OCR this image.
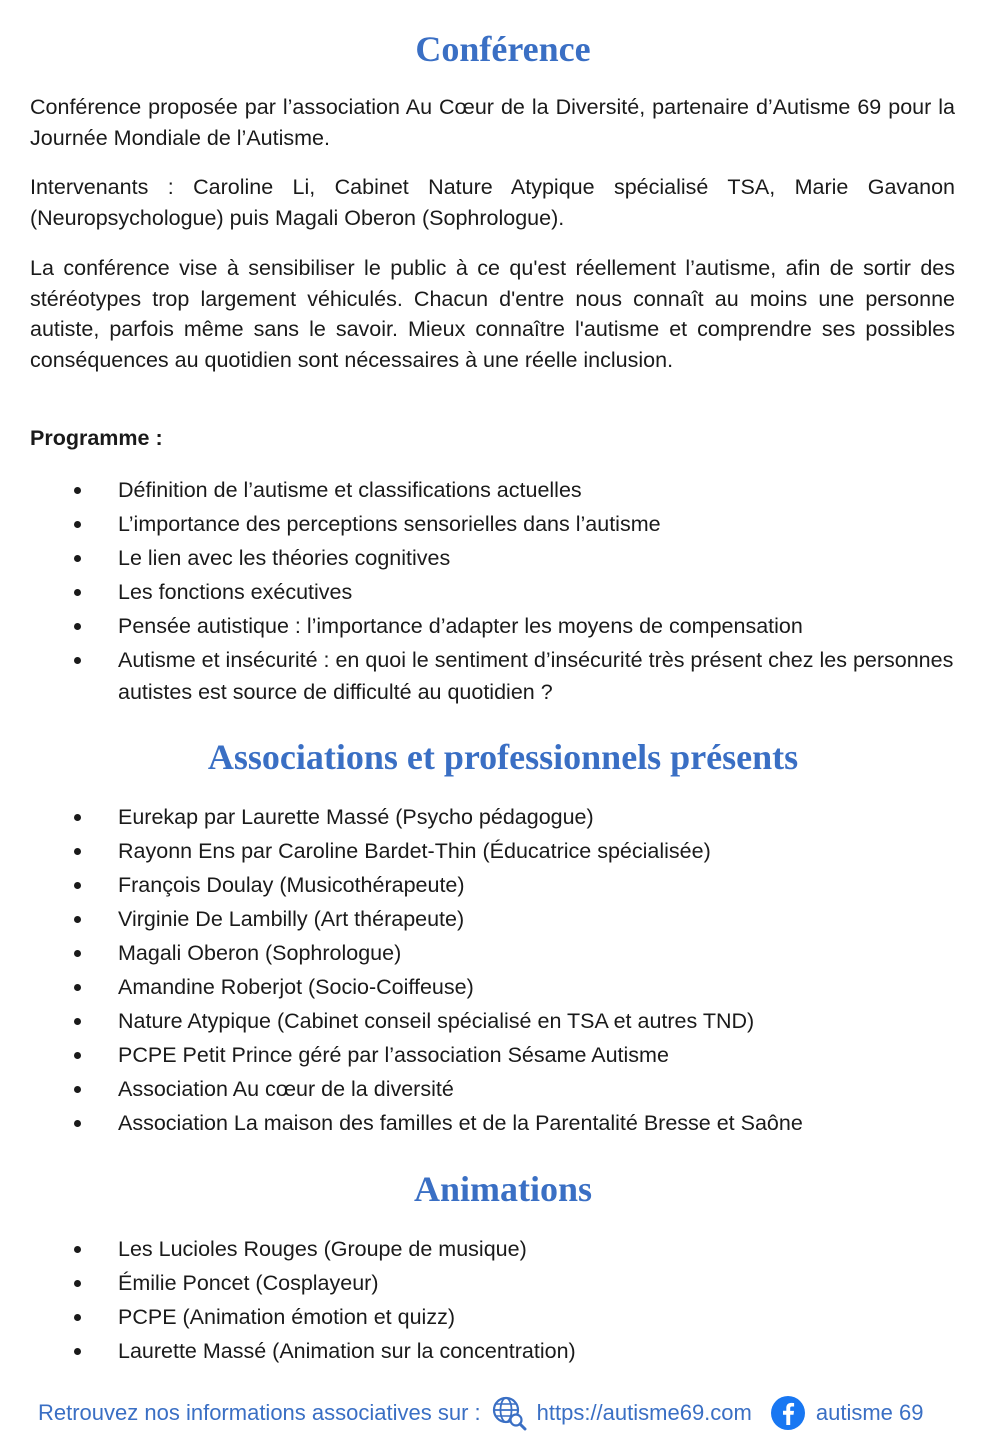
Conférence

Conférence proposée par l’association Au Cœur de la Diversité, partenaire d’Autisme 69 pour la Journée Mondiale de l’Autisme.

Intervenants : Caroline Li, Cabinet Nature Atypique spécialisé TSA, Marie Gavanon (Neuropsychologue) puis Magali Oberon (Sophrologue).

La conférence vise à sensibiliser le public à ce qu'est réellement l’autisme, afin de sortir des stéréotypes trop largement véhiculés. Chacun d'entre nous connaît au moins une personne autiste, parfois même sans le savoir. Mieux connaître l'autisme et comprendre ses possibles conséquences au quotidien sont nécessaires à une réelle inclusion.

Programme :

Définition de l’autisme et classifications actuelles
L’importance des perceptions sensorielles dans l’autisme
Le lien avec les théories cognitives
Les fonctions exécutives
Pensée autistique : l’importance d’adapter les moyens de compensation
Autisme et insécurité : en quoi le sentiment d’insécurité très présent chez les personnes autistes est source de difficulté au quotidien ?
Associations et professionnels présents
Eurekap par Laurette Massé (Psycho pédagogue)
Rayonn Ens par Caroline Bardet-Thin (Éducatrice spécialisée)
François Doulay (Musicothérapeute)
Virginie De Lambilly (Art thérapeute)
Magali Oberon (Sophrologue)
Amandine Roberjot (Socio-Coiffeuse)
Nature Atypique (Cabinet conseil spécialisé en TSA et autres TND)
PCPE Petit Prince géré par l’association Sésame Autisme
Association Au cœur de la diversité
Association La maison des familles et de la Parentalité Bresse et Saône
Animations
Les Lucioles Rouges (Groupe de musique)
Émilie Poncet (Cosplayeur)
PCPE (Animation émotion et quizz)
Laurette Massé (Animation sur la concentration)
Retrouvez nos informations associatives sur :	https://autisme69.com	autisme 69
